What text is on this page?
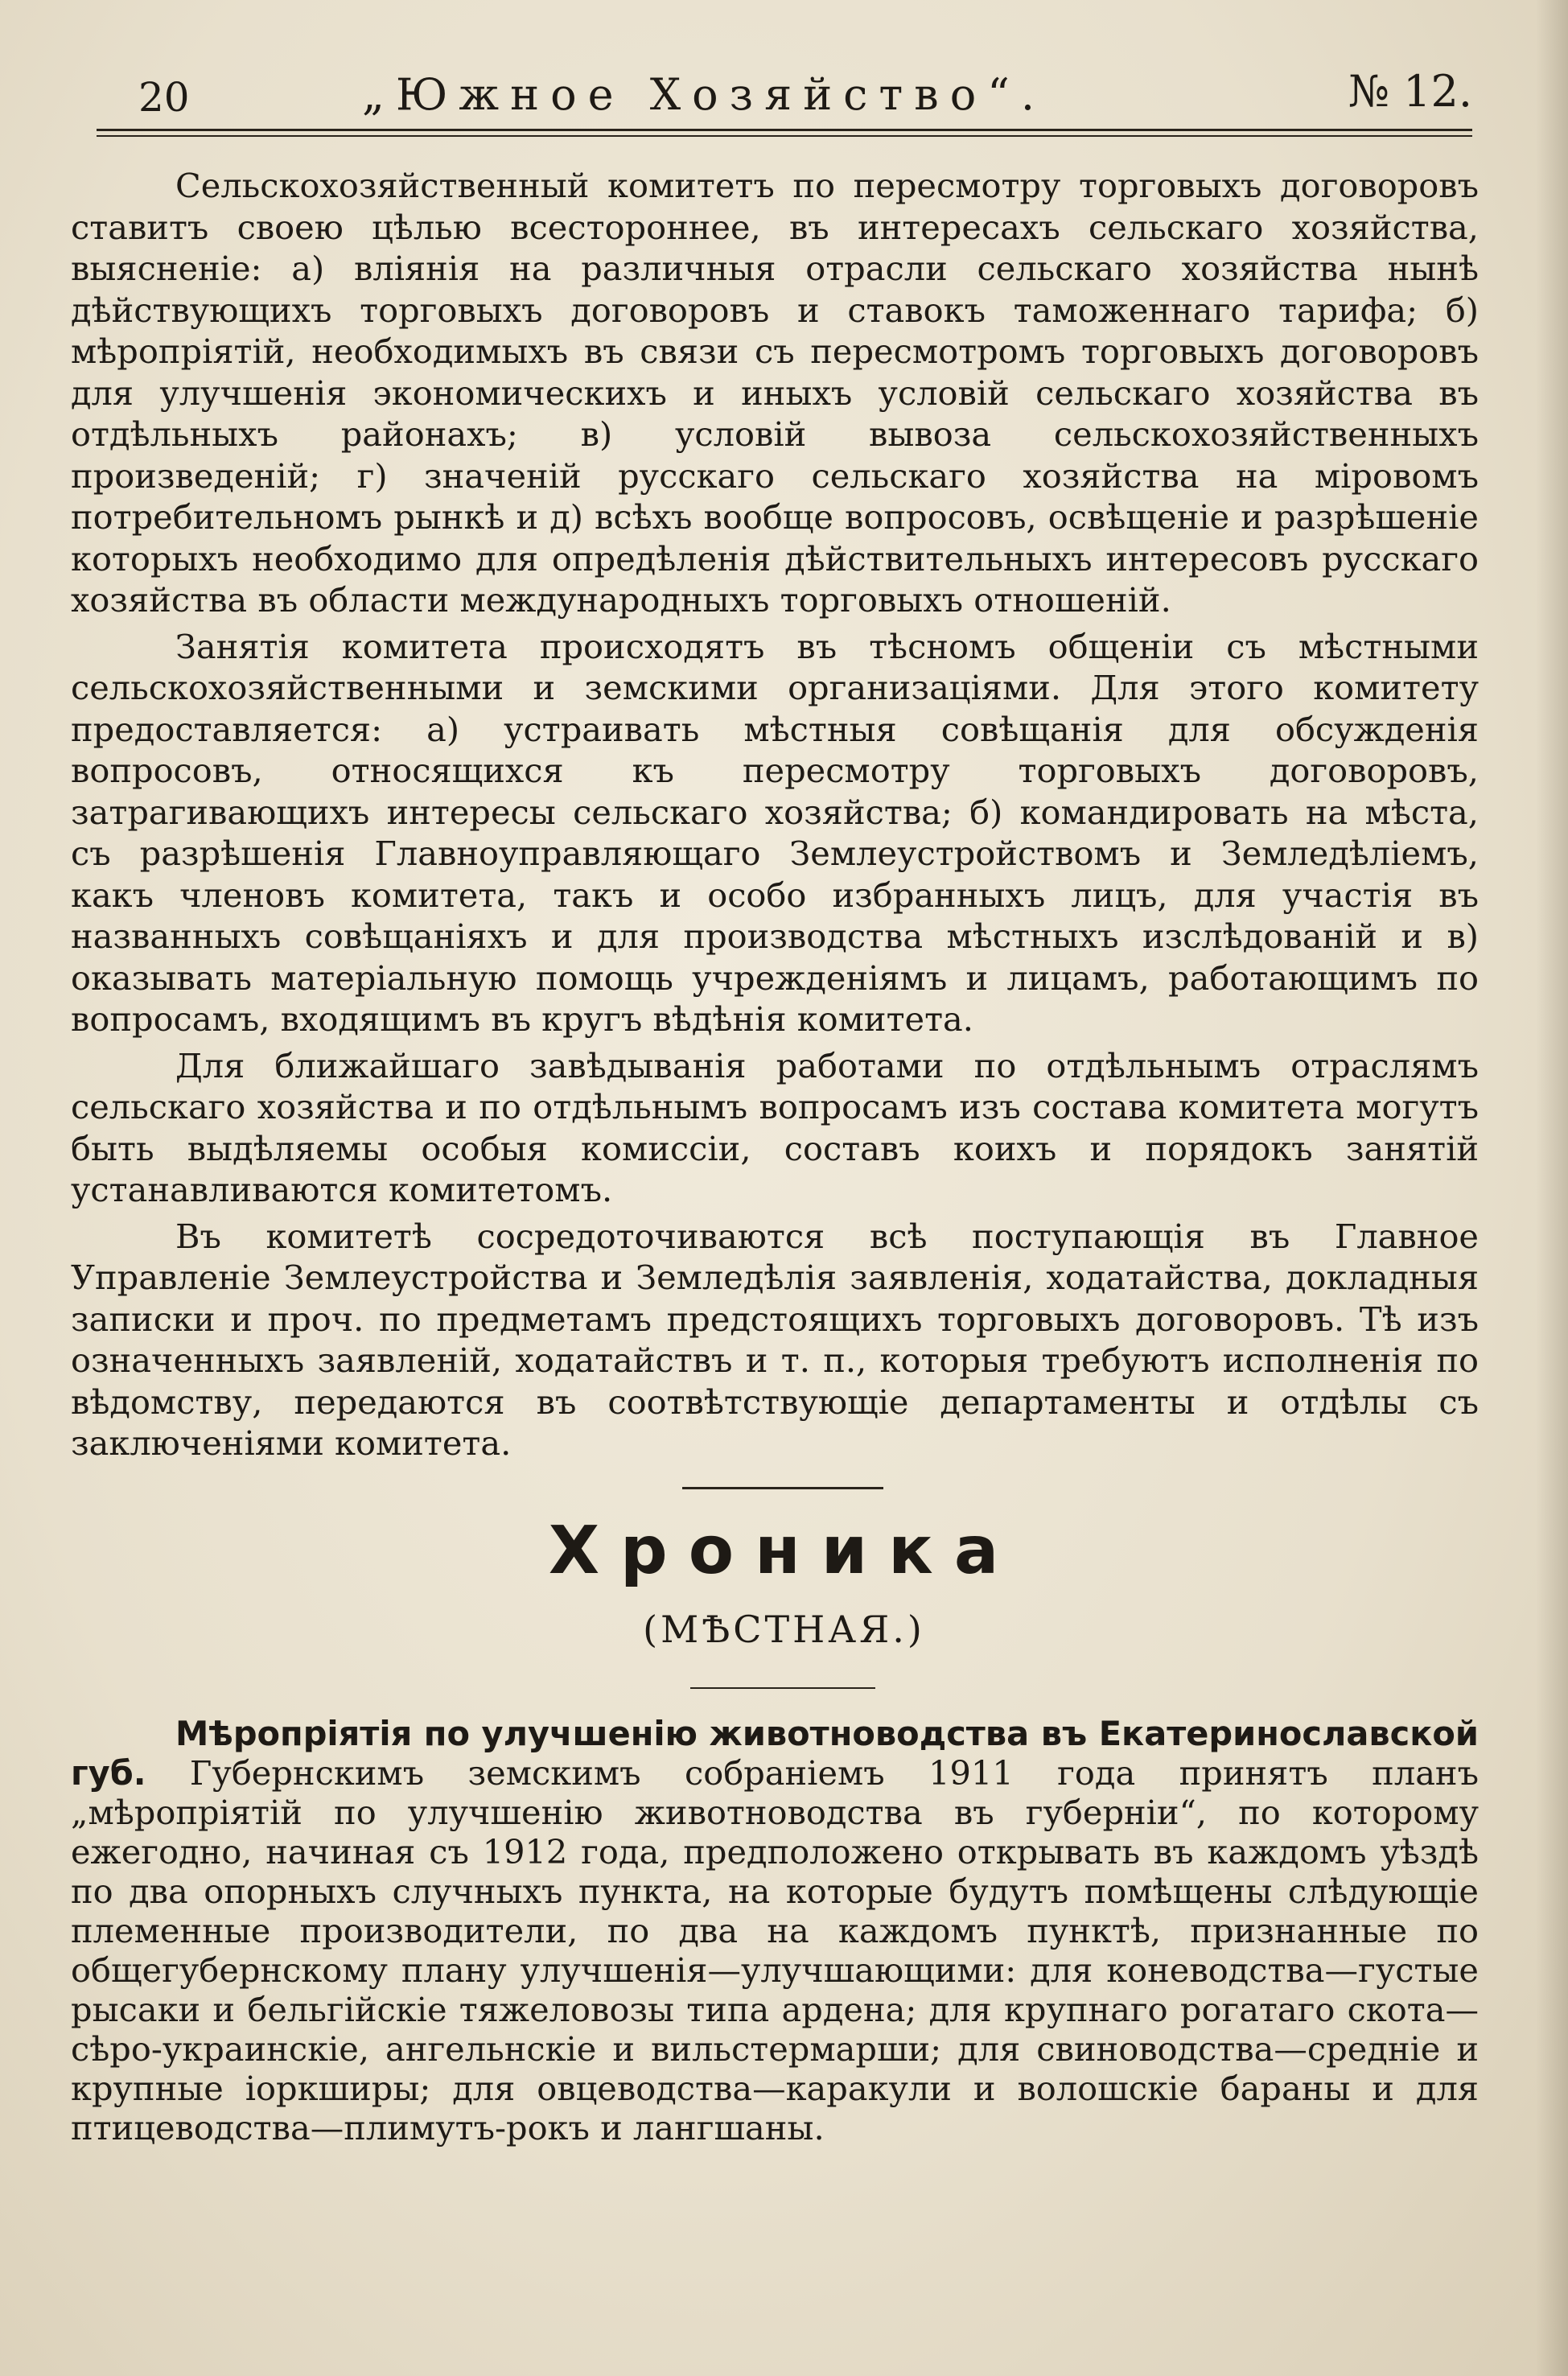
20	„Южное Хозяйство“.	№ 12.

Сельскохозяйственный комитетъ по пересмотру торговыхъ договоровъ ставитъ своею цѣлью всестороннее, въ интересахъ сельскаго хозяйства, выясненіе: а) вліянія на различныя отрасли сельскаго хозяйства нынѣ дѣйствующихъ торговыхъ договоровъ и ставокъ таможеннаго тарифа; б) мѣропріятій, необходимыхъ въ связи съ пересмотромъ торговыхъ договоровъ для улучшенія экономическихъ и иныхъ условій сельскаго хозяйства въ отдѣльныхъ районахъ; в) условій вывоза сельскохозяйственныхъ произведеній; г) значеній русскаго сельскаго хозяйства на міровомъ потребительномъ рынкѣ и д) всѣхъ вообще вопросовъ, освѣщеніе и разрѣшеніе которыхъ необходимо для опредѣленія дѣйствительныхъ интересовъ русскаго хозяйства въ области международныхъ торговыхъ отношеній.

Занятія комитета происходятъ въ тѣсномъ общеніи съ мѣстными сельскохозяйственными и земскими организаціями. Для этого комитету предоставляется: а) устраивать мѣстныя совѣщанія для обсужденія вопросовъ, относящихся къ пересмотру торговыхъ договоровъ, затрагивающихъ интересы сельскаго хозяйства; б) командировать на мѣста, съ разрѣшенія Главноуправляющаго Землеустройствомъ и Земледѣліемъ, какъ членовъ комитета, такъ и особо избранныхъ лицъ, для участія въ названныхъ совѣщаніяхъ и для производства мѣстныхъ изслѣдованій и в) оказывать матеріальную помощь учрежденіямъ и лицамъ, работающимъ по вопросамъ, входящимъ въ кругъ вѣдѣнія комитета.

Для ближайшаго завѣдыванія работами по отдѣльнымъ отраслямъ сельскаго хозяйства и по отдѣльнымъ вопросамъ изъ состава комитета могутъ быть выдѣляемы особыя комиссіи, составъ коихъ и порядокъ занятій устанавливаются комитетомъ.

Въ комитетѣ сосредоточиваются всѣ поступающія въ Главное Управленіе Землеустройства и Земледѣлія заявленія, ходатайства, докладныя записки и проч. по предметамъ предстоящихъ торговыхъ договоровъ. Тѣ изъ означенныхъ заявленій, ходатайствъ и т. п., которыя требуютъ исполненія по вѣдомству, передаются въ соотвѣтствующіе департаменты и отдѣлы съ заключеніями комитета.

Хроника
(МѢСТНАЯ.)

Мѣропріятія по улучшенію животноводства въ Екатеринославской губ. Губернскимъ земскимъ собраніемъ 1911 года принятъ планъ „мѣропріятій по улучшенію животноводства въ губерніи“, по которому ежегодно, начиная съ 1912 года, предположено открывать въ каждомъ уѣздѣ по два опорныхъ случныхъ пункта, на которые будутъ помѣщены слѣдующіе племенные производители, по два на каждомъ пунктѣ, признанные по общегубернскому плану улучшенія—улучшающими: для коневодства—густые рысаки и бельгійскіе тяжеловозы типа ардена; для крупнаго рогатаго скота—сѣро-украинскіе, ангельнскіе и вильстермарши; для свиноводства—средніе и крупные іоркширы; для овцеводства—каракули и волошскіе бараны и для птицеводства—плимутъ-рокъ и лангшаны.
